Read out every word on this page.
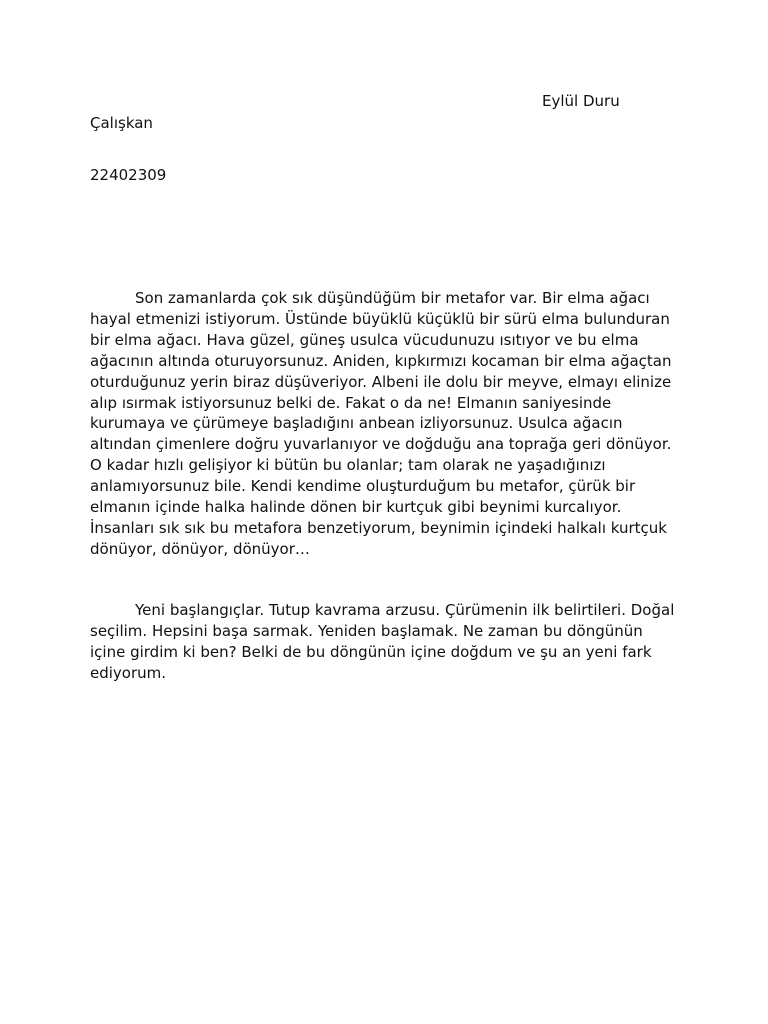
Eylül Duru
Çalışkan
22402309
Son zamanlarda çok sık düşündüğüm bir metafor var. Bir elma ağacı
hayal etmenizi istiyorum. Üstünde büyüklü küçüklü bir sürü elma bulunduran
bir elma ağacı. Hava güzel, güneş usulca vücudunuzu ısıtıyor ve bu elma
ağacının altında oturuyorsunuz. Aniden, kıpkırmızı kocaman bir elma ağaçtan
oturduğunuz yerin biraz düşüveriyor. Albeni ile dolu bir meyve, elmayı elinize
alıp ısırmak istiyorsunuz belki de. Fakat o da ne! Elmanın saniyesinde
kurumaya ve çürümeye başladığını anbean izliyorsunuz. Usulca ağacın
altından çimenlere doğru yuvarlanıyor ve doğduğu ana toprağa geri dönüyor.
O kadar hızlı gelişiyor ki bütün bu olanlar; tam olarak ne yaşadığınızı
anlamıyorsunuz bile. Kendi kendime oluşturduğum bu metafor, çürük bir
elmanın içinde halka halinde dönen bir kurtçuk gibi beynimi kurcalıyor.
İnsanları sık sık bu metafora benzetiyorum, beynimin içindeki halkalı kurtçuk
dönüyor, dönüyor, dönüyor…
Yeni başlangıçlar. Tutup kavrama arzusu. Çürümenin ilk belirtileri. Doğal
seçilim. Hepsini başa sarmak. Yeniden başlamak. Ne zaman bu döngünün
içine girdim ki ben? Belki de bu döngünün içine doğdum ve şu an yeni fark
ediyorum.
